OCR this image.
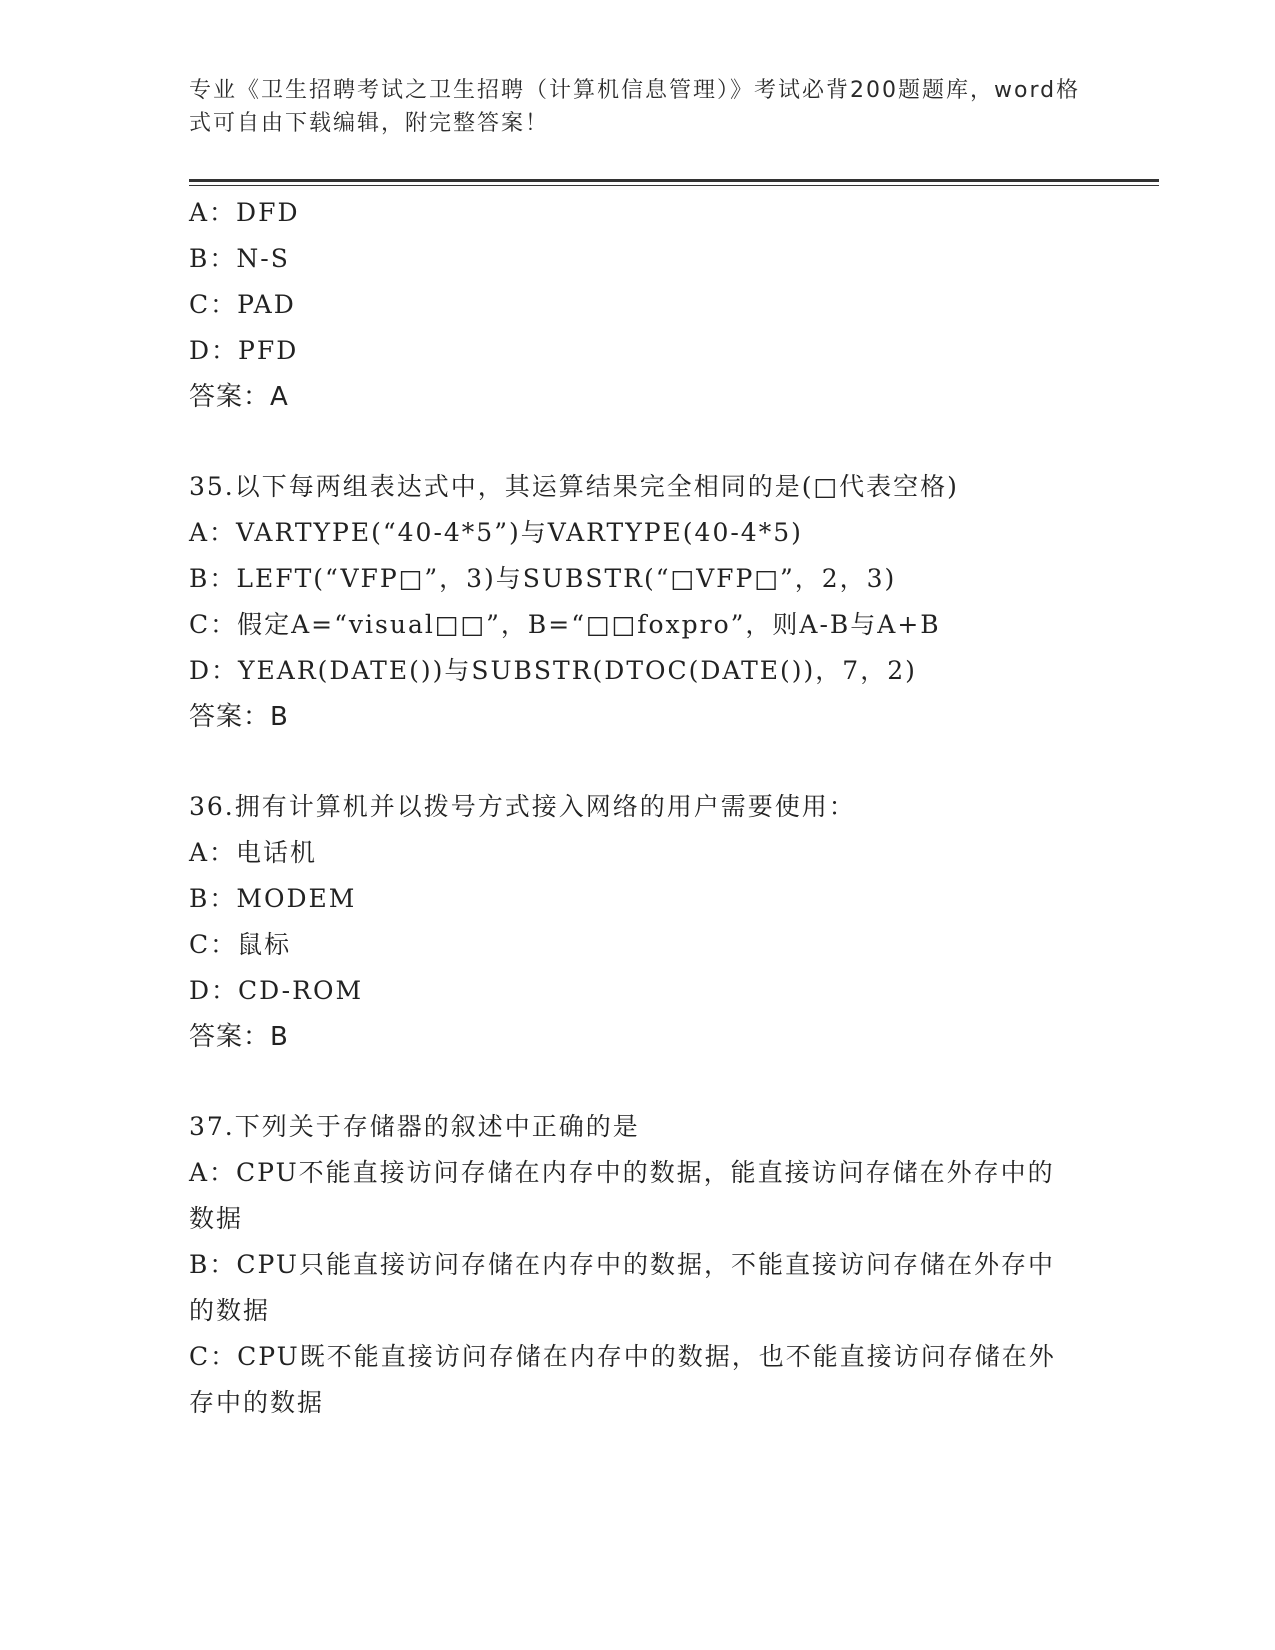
专业《卫生招聘考试之卫生招聘（计算机信息管理）》考试必背200题题库，word格式可自由下载编辑，附完整答案！
A：DFD
B：N-S
C：PAD
D：PFD
答案：A
35.以下每两组表达式中，其运算结果完全相同的是(□代表空格)
A：VARTYPE(“40-4*5”)与VARTYPE(40-4*5)
B：LEFT(“VFP□”，3)与SUBSTR(“□VFP□”，2，3)
C：假定A=“visual□□”，B=“□□foxpro”，则A-B与A+B
D：YEAR(DATE())与SUBSTR(DTOC(DATE())，7，2)
答案：B
36.拥有计算机并以拨号方式接入网络的用户需要使用：
A：电话机
B：MODEM
C：鼠标
D：CD-ROM
答案：B
37.下列关于存储器的叙述中正确的是
A：CPU不能直接访问存储在内存中的数据，能直接访问存储在外存中的数据
B：CPU只能直接访问存储在内存中的数据，不能直接访问存储在外存中的数据
C：CPU既不能直接访问存储在内存中的数据，也不能直接访问存储在外存中的数据
